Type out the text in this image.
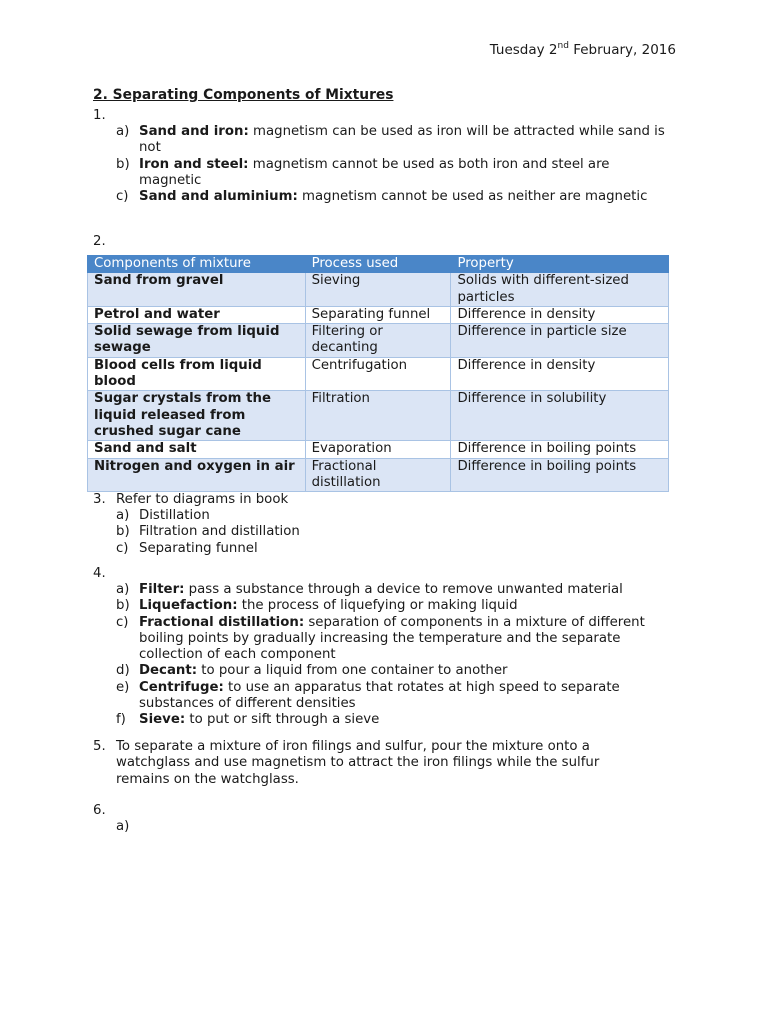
Tuesday 2nd February, 2016
2. Separating Components of Mixtures
1.
a) Sand and iron: magnetism can be used as iron will be attracted while sand is not
b) Iron and steel: magnetism cannot be used as both iron and steel are magnetic
c) Sand and aluminium: magnetism cannot be used as neither are magnetic
2.
Components of mixture	Process used	Property
Sand from gravel	Sieving	Solids with different-sized particles
Petrol and water	Separating funnel	Difference in density
Solid sewage from liquid sewage	Filtering or decanting	Difference in particle size
Blood cells from liquid blood	Centrifugation	Difference in density
Sugar crystals from the liquid released from crushed sugar cane	Filtration	Difference in solubility
Sand and salt	Evaporation	Difference in boiling points
Nitrogen and oxygen in air	Fractional distillation	Difference in boiling points
3. Refer to diagrams in book
a) Distillation
b) Filtration and distillation
c) Separating funnel
4.
a) Filter: pass a substance through a device to remove unwanted material
b) Liquefaction: the process of liquefying or making liquid
c) Fractional distillation: separation of components in a mixture of different boiling points by gradually increasing the temperature and the separate collection of each component
d) Decant: to pour a liquid from one container to another
e) Centrifuge: to use an apparatus that rotates at high speed to separate substances of different densities
f) Sieve: to put or sift through a sieve
5. To separate a mixture of iron filings and sulfur, pour the mixture onto a watchglass and use magnetism to attract the iron filings while the sulfur remains on the watchglass.
6.
a)
